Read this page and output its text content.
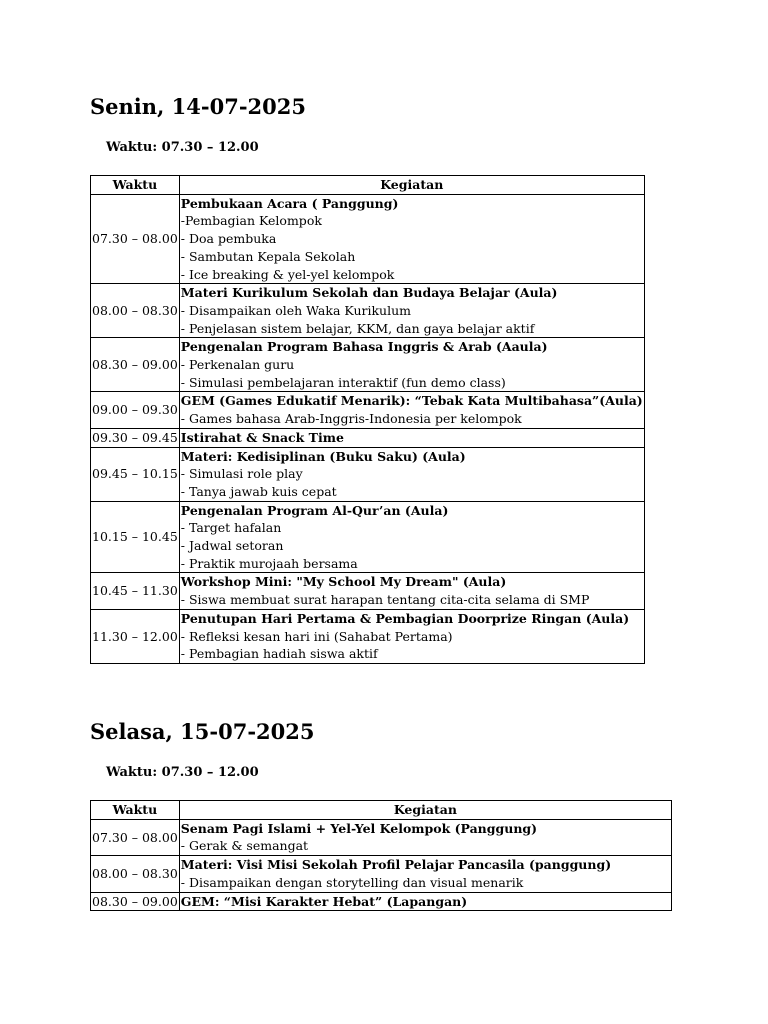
Senin, 14-07-2025

Waktu: 07.30 – 12.00

Waktu	Kegiatan
07.30 – 08.00	Pembukaan Acara ( Panggung)
-Pembagian Kelompok
- Doa pembuka
- Sambutan Kepala Sekolah
- Ice breaking & yel-yel kelompok

08.00 – 08.30	Materi Kurikulum Sekolah dan Budaya Belajar (Aula)
- Disampaikan oleh Waka Kurikulum
- Penjelasan sistem belajar, KKM, dan gaya belajar aktif

08.30 – 09.00	Pengenalan Program Bahasa Inggris & Arab (Aaula)
- Perkenalan guru
- Simulasi pembelajaran interaktif (fun demo class)

09.00 – 09.30	GEM (Games Edukatif Menarik): “Tebak Kata Multibahasa”(Aula)
- Games bahasa Arab-Inggris-Indonesia per kelompok

09.30 – 09.45	Istirahat & Snack Time

09.45 – 10.15	Materi: Kedisiplinan (Buku Saku) (Aula)
- Simulasi role play
- Tanya jawab kuis cepat

10.15 – 10.45	Pengenalan Program Al-Qur’an (Aula)
- Target hafalan
- Jadwal setoran
- Praktik murojaah bersama

10.45 – 11.30	Workshop Mini: "My School My Dream" (Aula)
- Siswa membuat surat harapan tentang cita-cita selama di SMP

11.30 – 12.00	Penutupan Hari Pertama & Pembagian Doorprize Ringan (Aula)
- Refleksi kesan hari ini (Sahabat Pertama)
- Pembagian hadiah siswa aktif
Selasa, 15-07-2025

Waktu: 07.30 – 12.00

Waktu	Kegiatan
07.30 – 08.00	Senam Pagi Islami + Yel-Yel Kelompok (Panggung)
- Gerak & semangat

08.00 – 08.30	Materi: Visi Misi Sekolah Profil Pelajar Pancasila (panggung)
- Disampaikan dengan storytelling dan visual menarik

08.30 – 09.00	GEM: “Misi Karakter Hebat” (Lapangan)
